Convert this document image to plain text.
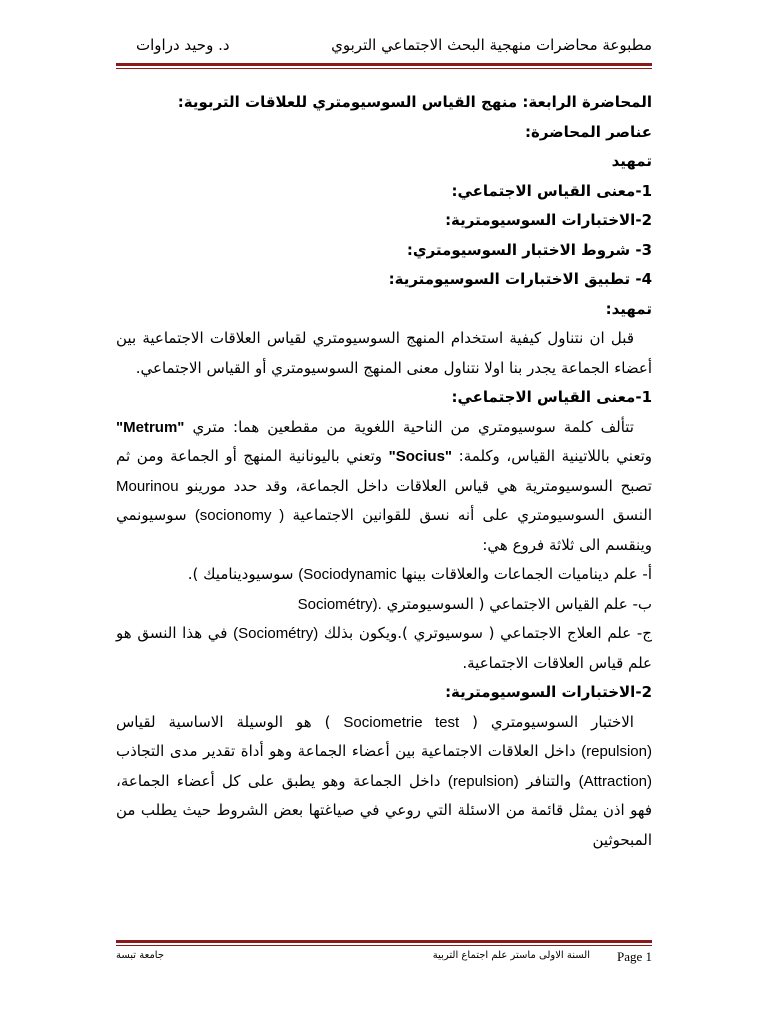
مطبوعة محاضرات منهجية البحث الاجتماعي التربوي
د. وحيد دراوات

المحاضرة الرابعة: منهج القياس السوسيومتري للعلاقات التربوية:

عناصر المحاضرة:

تمهيد

1-معنى القياس الاجتماعي:

2-الاختبارات السوسيومترية:

3- شروط الاختبار السوسيومتري:

4- تطبيق الاختبارات السوسيومترية:

تمهيد:

قبل ان نتناول كيفية استخدام المنهج السوسيومتري لقياس العلاقات الاجتماعية بين أعضاء الجماعة يجدر بنا اولا نتناول معنى المنهج السوسيومتري أو القياس الاجتماعي.

1-معنى القياس الاجتماعي:

تتألف كلمة سوسيومتري من الناحية اللغوية من مقطعين هما: متري "Metrum" وتعني باللاتينية القياس، وكلمة: "Socius" وتعني باليونانية المنهج أو الجماعة ومن ثم تصبح السوسيومترية هي قياس العلاقات داخل الجماعة، وقد حدد مورينو Mourinou النسق السوسيومتري على أنه نسق للقوانين الاجتماعية (socionomy ) سوسيونمي وينقسم الى ثلاثة فروع هي:

أ- علم ديناميات الجماعات والعلاقات بينها (Sociodynamic سوسيوديناميك ).

ب- علم القياس الاجتماعي ( السوسيومتري Sociométry).

ج- علم العلاج الاجتماعي ( سوسيوتري ).ويكون بذلك (Sociométry) في هذا النسق هو علم قياس العلاقات الاجتماعية.

2-الاختبارات السوسيومترية:

الاختبار السوسيومتري ( Sociometrie test ) هو الوسيلة الاساسية لقياس (repulsion) داخل العلاقات الاجتماعية بين أعضاء الجماعة وهو أداة تقدير مدى التجاذب (Attraction) والتنافر (repulsion) داخل الجماعة وهو يطبق على كل أعضاء الجماعة، فهو اذن يمثل قائمة من الاسئلة التي روعي في صياغتها بعض الشروط حيث يطلب من المبحوثين

Page 1
السنة الاولى ماستر علم اجتماع التربية
جامعة تبسة
